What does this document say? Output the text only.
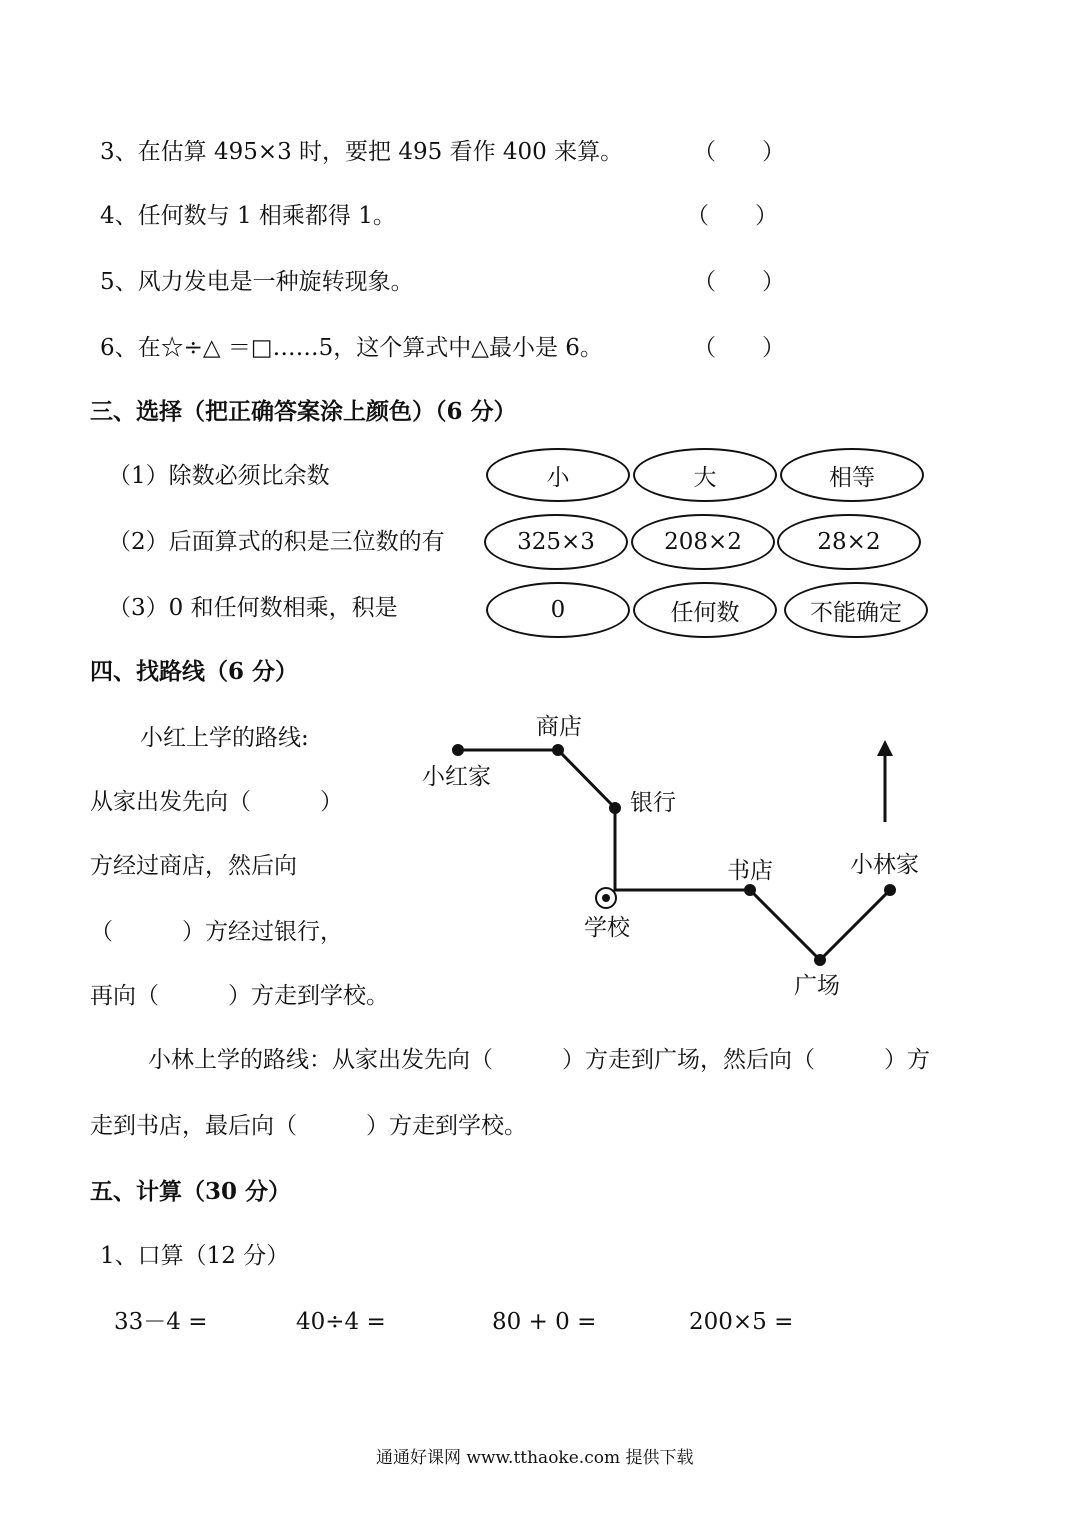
3、在估算 495×3 时，要把 495 看作 400 来算。	（　　）
4、任何数与 1 相乘都得 1。	（　　）
5、风力发电是一种旋转现象。	（　　）
6、在☆÷△ ＝□……5，这个算式中△最小是 6。	（　　）
三、选择（把正确答案涂上颜色）（6 分）
（1）除数必须比余数	小	大	相等
（2）后面算式的积是三位数的有	325×3	208×2	28×2
（3）0 和任何数相乘，积是	0	任何数	不能确定
四、找路线（6 分）
小红上学的路线:
从家出发先向（　　　）
方经过商店，然后向
（　　　）方经过银行，
再向（　　　）方走到学校。
商店
小红家
银行
书店	小林家
学校
广场
小林上学的路线：从家出发先向（　　　）方走到广场，然后向（　　　）方
走到书店，最后向（　　　）方走到学校。
五、计算（30 分）
1、口算（12 分）
33－4 =	40÷4 =	80 + 0 =	200×5 =
通通好课网 www.tthaoke.com 提供下载
